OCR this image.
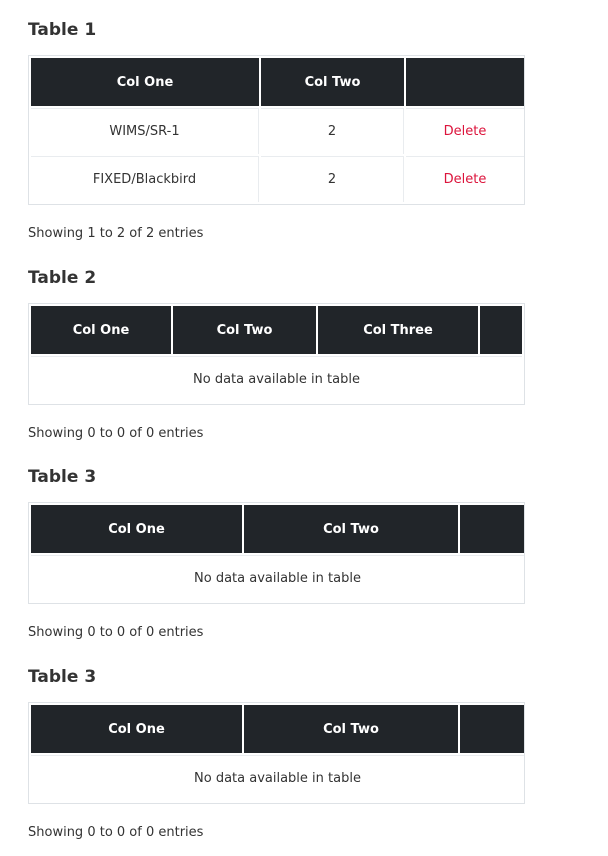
Table 1
Col One	Col Two	
WIMS/SR-1	2	Delete
FIXED/Blackbird	2	Delete
Showing 1 to 2 of 2 entries
Table 2
Col One	Col Two	Col Three	
No data available in table
Showing 0 to 0 of 0 entries
Table 3
Col One	Col Two	
No data available in table
Showing 0 to 0 of 0 entries
Table 3
Col One	Col Two	
No data available in table
Showing 0 to 0 of 0 entries
